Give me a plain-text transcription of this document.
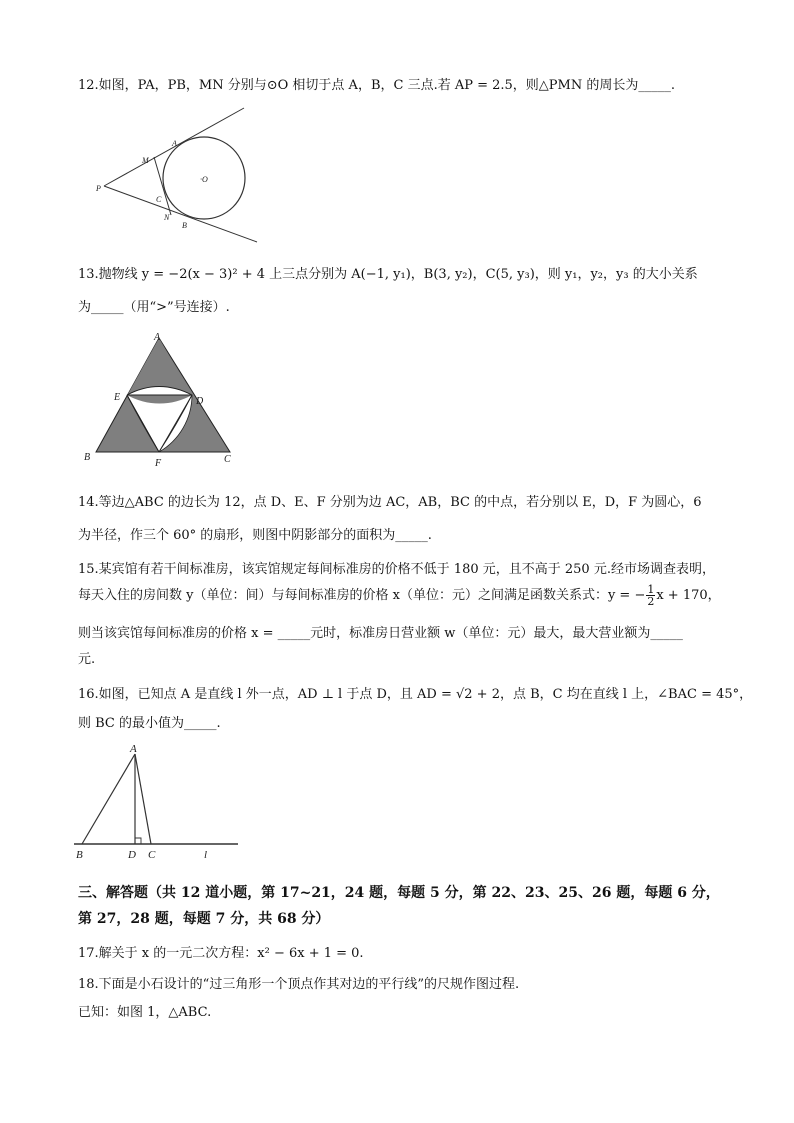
12.如图，PA，PB，MN 分别与⊙O 相切于点 A，B，C 三点.若 AP = 2.5，则△PMN 的周长为_____.
P
M
A
C
N
B
·O
13.抛物线 y = −2(x − 3)² + 4 上三点分别为 A(−1, y₁)，B(3, y₂)，C(5, y₃)，则 y₁，y₂，y₃ 的大小关系
为_____（用“>”号连接）.
A
E	D
B
F	C
14.等边△ABC 的边长为 12，点 D、E、F 分别为边 AC，AB，BC 的中点，若分别以 E，D，F 为圆心，6
为半径，作三个 60° 的扇形，则图中阴影部分的面积为_____.
15.某宾馆有若干间标准房，该宾馆规定每间标准房的价格不低于 180 元，且不高于 250 元.经市场调查表明，
每天入住的房间数 y（单位：间）与每间标准房的价格 x（单位：元）之间满足函数关系式：y = − $\frac{1}{2}$ x + 170，
则当该宾馆每间标准房的价格 x = _____元时，标准房日营业额 w（单位：元）最大，最大营业额为_____
元.
16.如图，已知点 A 是直线 l 外一点，AD ⊥ l 于点 D，且 AD = √2 + 2，点 B，C 均在直线 l 上，∠BAC = 45°，
则 BC 的最小值为_____.
A
B	D C	l
三、解答题（共 12 道小题，第 17~21，24 题，每题 5 分，第 22、23、25、26 题，每题 6 分，
第 27，28 题，每题 7 分，共 68 分）
17.解关于 x 的一元二次方程：x² − 6x + 1 = 0.
18.下面是小石设计的“过三角形一个顶点作其对边的平行线”的尺规作图过程.
已知：如图 1，△ABC.
